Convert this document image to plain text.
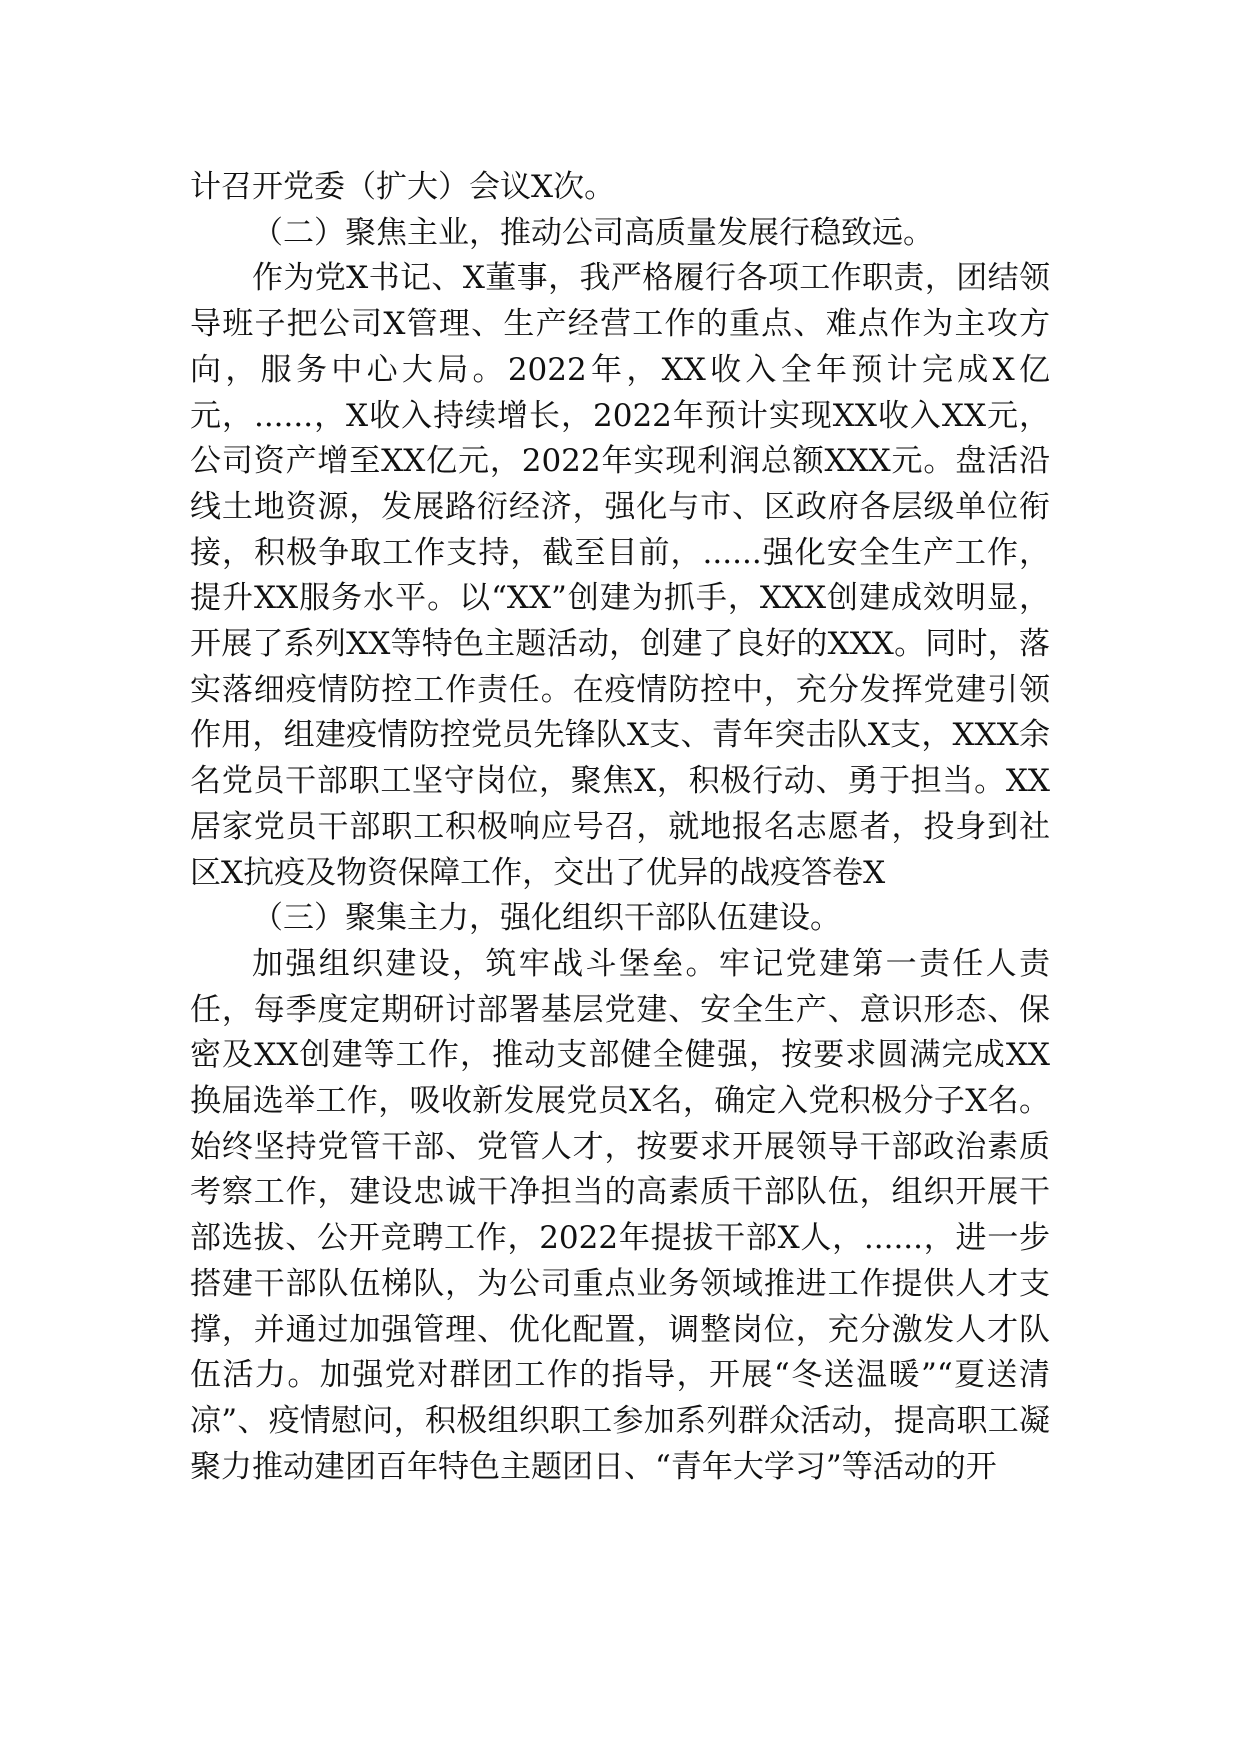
计召开党委（扩大）会议X次。

（二）聚焦主业，推动公司高质量发展行稳致远。

作为党X书记、X董事，我严格履行各项工作职责，团结领导班子把公司X管理、生产经营工作的重点、难点作为主攻方向，服务中心大局。2022年，XX收入全年预计完成X亿元，......，X收入持续增长，2022年预计实现XX收入XX元，公司资产增至XX亿元，2022年实现利润总额XXX元。盘活沿线土地资源，发展路衍经济，强化与市、区政府各层级单位衔接，积极争取工作支持，截至目前，......强化安全生产工作，提升XX服务水平。以“XX”创建为抓手，XXX创建成效明显，开展了系列XX等特色主题活动，创建了良好的XXX。同时，落实落细疫情防控工作责任。在疫情防控中，充分发挥党建引领作用，组建疫情防控党员先锋队X支、青年突击队X支，XXX余名党员干部职工坚守岗位，聚焦X，积极行动、勇于担当。XX居家党员干部职工积极响应号召，就地报名志愿者，投身到社区X抗疫及物资保障工作，交出了优异的战疫答卷X

（三）聚集主力，强化组织干部队伍建设。

加强组织建设，筑牢战斗堡垒。牢记党建第一责任人责任，每季度定期研讨部署基层党建、安全生产、意识形态、保密及XX创建等工作，推动支部健全健强，按要求圆满完成XX换届选举工作，吸收新发展党员X名，确定入党积极分子X名。始终坚持党管干部、党管人才，按要求开展领导干部政治素质考察工作，建设忠诚干净担当的高素质干部队伍，组织开展干部选拔、公开竞聘工作，2022年提拔干部X人，......，进一步搭建干部队伍梯队，为公司重点业务领域推进工作提供人才支撑，并通过加强管理、优化配置，调整岗位，充分激发人才队伍活力。加强党对群团工作的指导，开展“冬送温暖”“夏送清凉”、疫情慰问，积极组织职工参加系列群众活动，提高职工凝聚力推动建团百年特色主题团日、“青年大学习”等活动的开
